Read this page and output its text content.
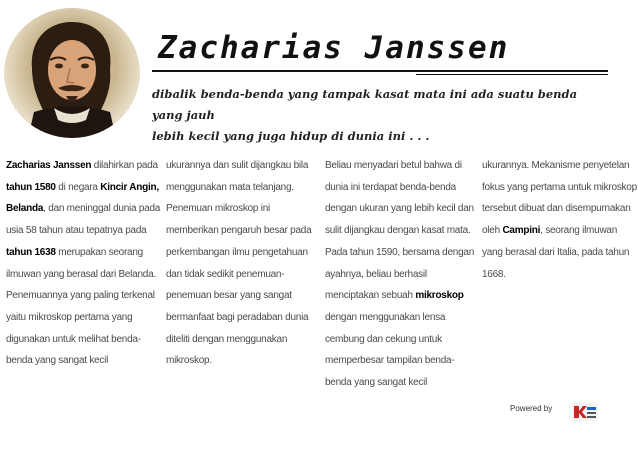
Zacharias Janssen
dibalik benda-benda yang tampak kasat mata ini ada suatu benda yang jauh
lebih kecil yang juga hidup di dunia ini . . .
Zacharias Janssen dilahirkan pada tahun 1580 di negara Kincir Angin, Belanda, dan meninggal dunia pada usia 58 tahun atau tepatnya pada tahun 1638 merupakan seorang ilmuwan yang berasal dari Belanda. Penemuannya yang paling terkenal yaitu mikroskop pertama yang digunakan untuk melihat benda-benda yang sangat kecil
ukurannya dan sulit dijangkau bila menggunakan mata telanjang. Penemuan mikroskop ini memberikan pengaruh besar pada perkembangan ilmu pengetahuan dan tidak sedikit penemuan-penemuan besar yang sangat bermanfaat bagi peradaban dunia diteliti dengan menggunakan mikroskop.
Beliau menyadari betul bahwa di dunia ini terdapat benda-benda dengan ukuran yang lebih kecil dan sulit dijangkau dengan kasat mata. Pada tahun 1590, bersama dengan ayahnya, beliau berhasil menciptakan sebuah mikroskop dengan menggunakan lensa cembung dan cekung untuk memperbesar tampilan benda-benda yang sangat kecil
ukurannya. Mekanisme penyetelan fokus yang pertama untuk mikroskop tersebut dibuat dan disempurnakan oleh Campini, seorang ilmuwan yang berasal dari Italia, pada tahun 1668.
Powered by
